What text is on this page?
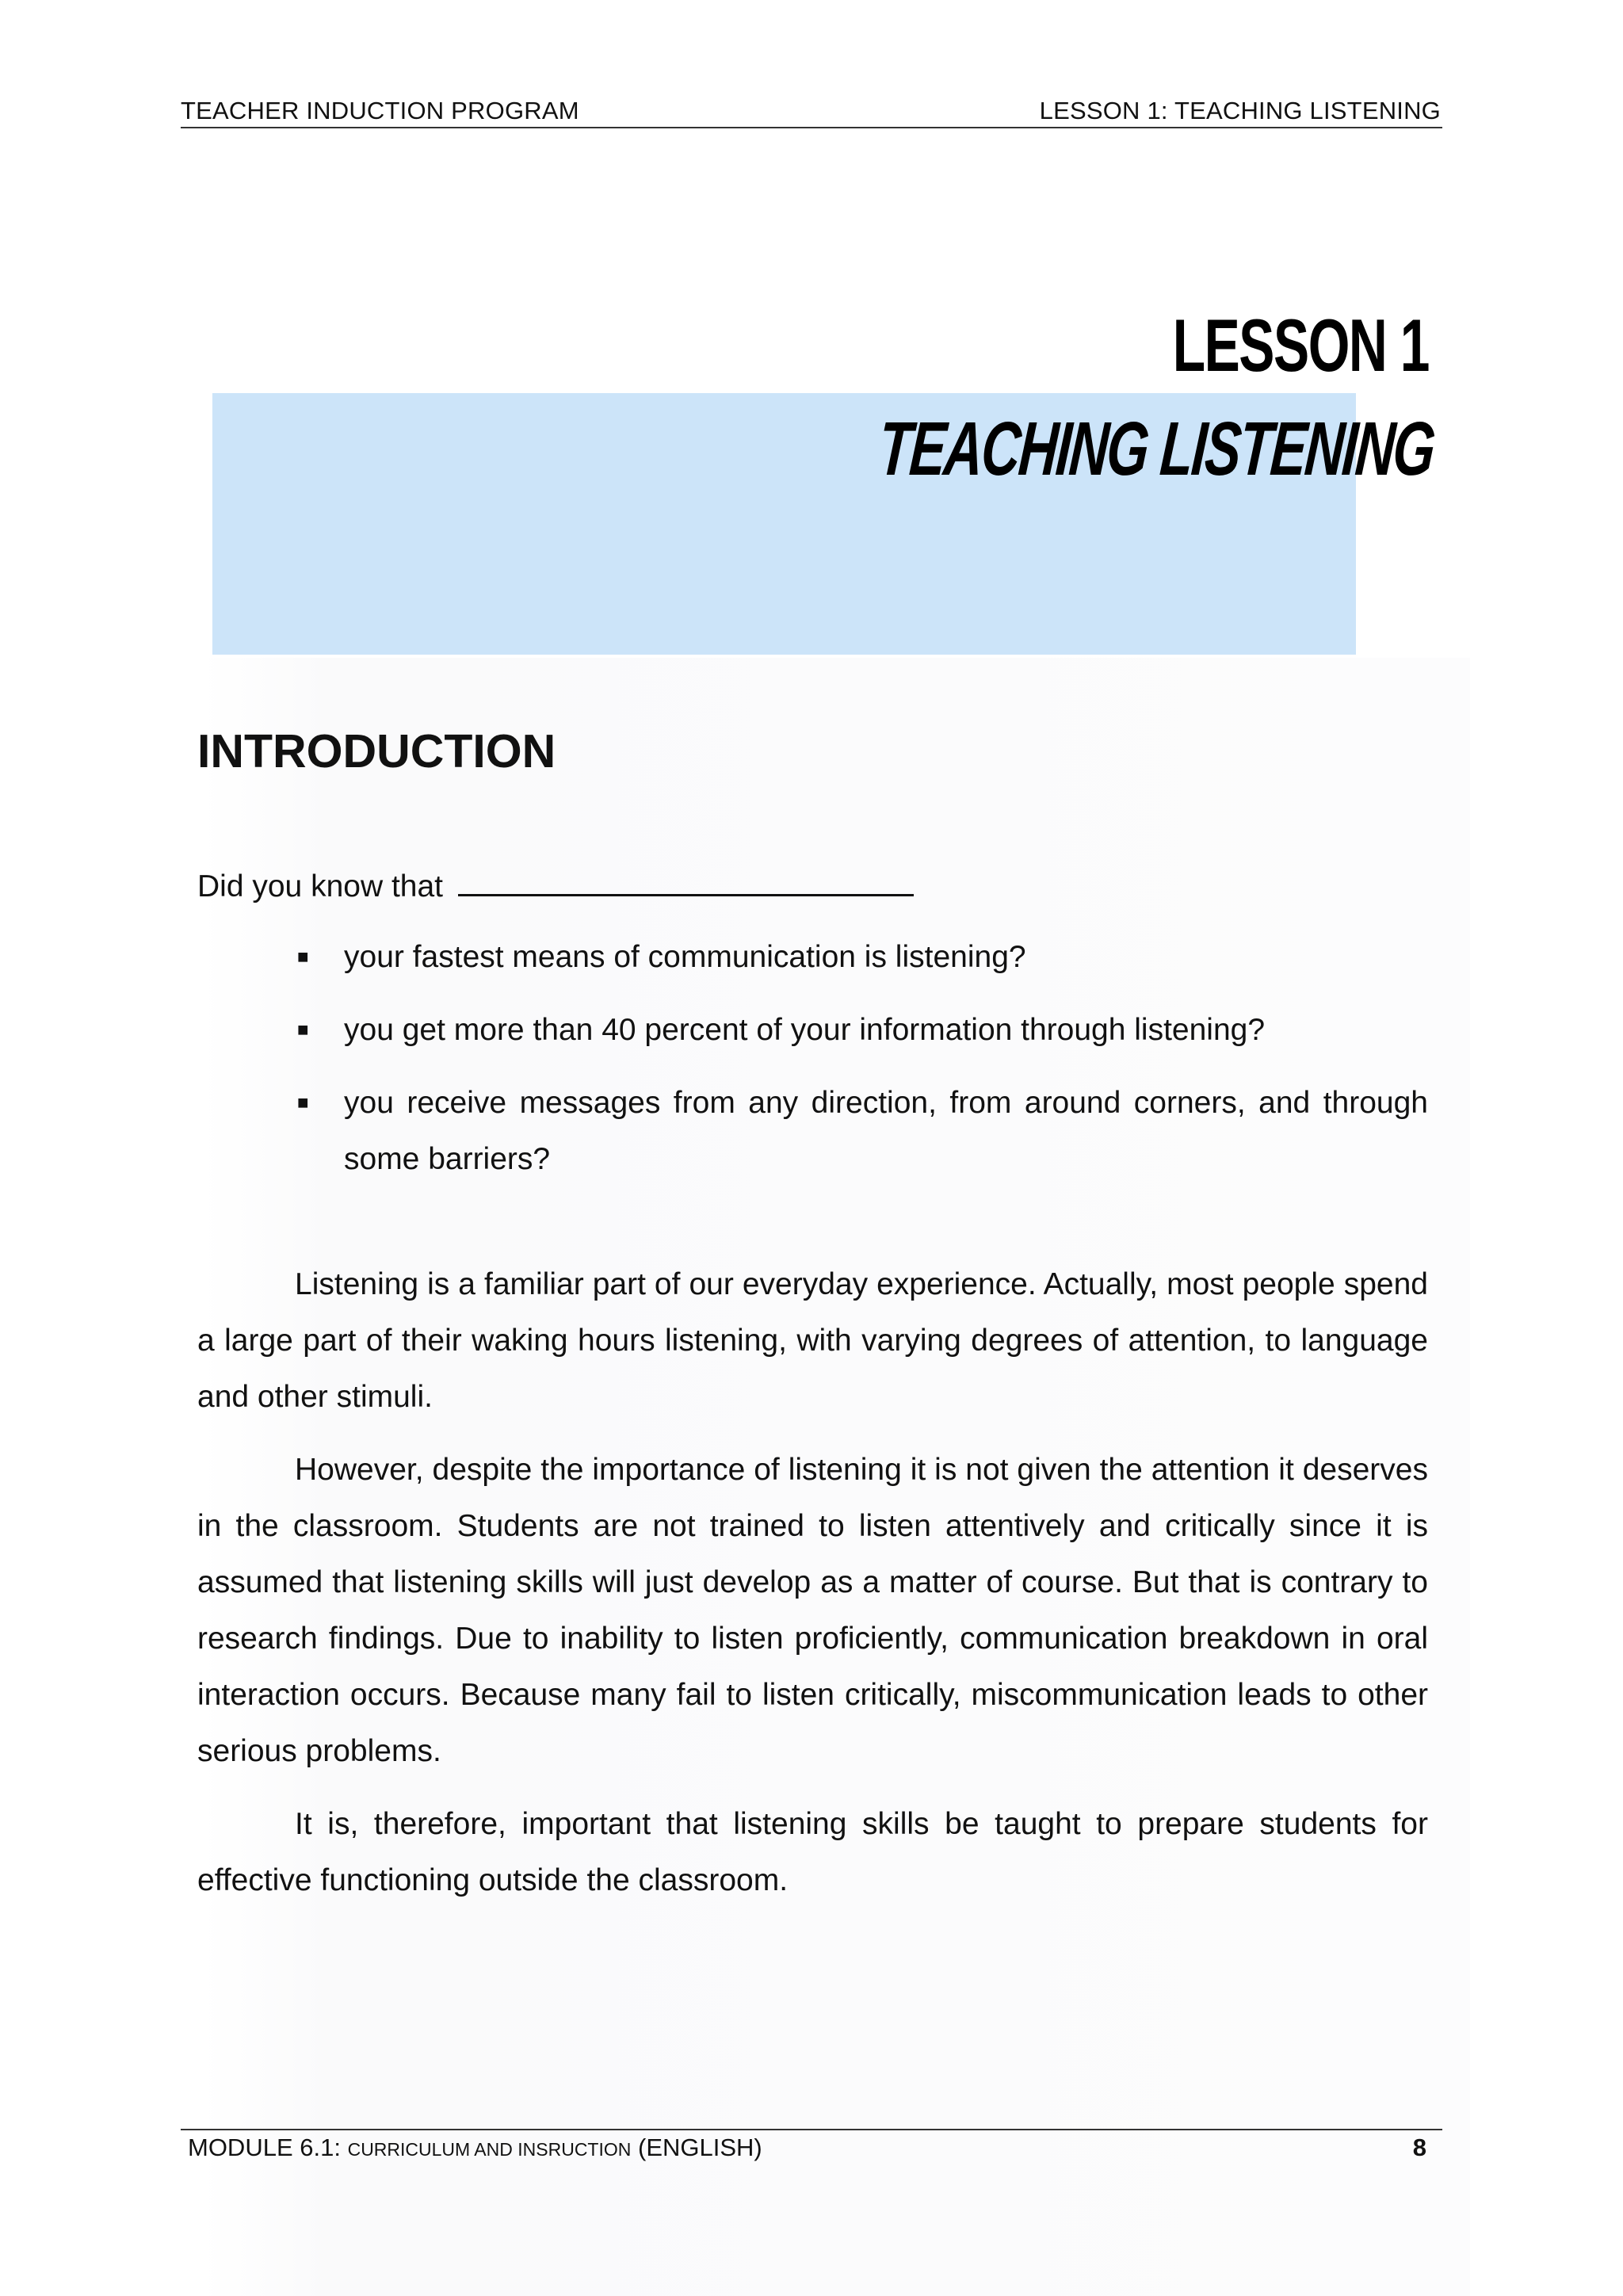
TEACHER INDUCTION PROGRAM	LESSON 1: TEACHING LISTENING
LESSON 1
TEACHING LISTENING
INTRODUCTION
Did you know that
■ your fastest means of communication is listening?
■ you get more than 40 percent of your information through listening?
■ you receive messages from any direction, from around corners, and through some barriers?

Listening is a familiar part of our everyday experience. Actually, most people spend a large part of their waking hours listening, with varying degrees of attention, to language and other stimuli.

However, despite the importance of listening it is not given the attention it deserves in the classroom. Students are not trained to listen attentively and critically since it is assumed that listening skills will just develop as a matter of course. But that is contrary to research findings. Due to inability to listen proficiently, communication breakdown in oral interaction occurs. Because many fail to listen critically, miscommunication leads to other serious problems.

It is, therefore, important that listening skills be taught to prepare students for effective functioning outside the classroom.

MODULE 6.1: CURRICULUM AND INSRUCTION (ENGLISH)	8
